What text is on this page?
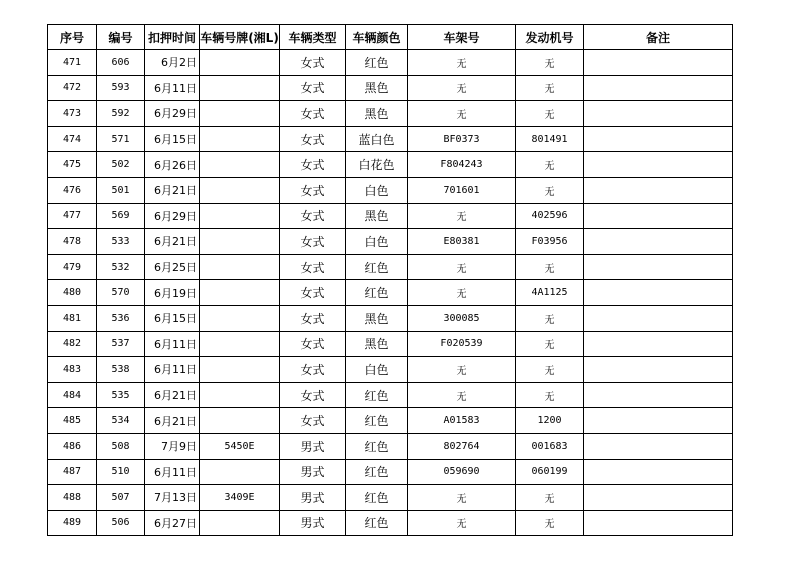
序号	编号	扣押时间	车辆号牌(湘L)	车辆类型	车辆颜色	车架号	发动机号	备注
471	606	6月2日		女式	红色	无	无	
472	593	6月11日		女式	黑色	无	无	
473	592	6月29日		女式	黑色	无	无	
474	571	6月15日		女式	蓝白色	BF0373	801491	
475	502	6月26日		女式	白花色	F804243	无	
476	501	6月21日		女式	白色	701601	无	
477	569	6月29日		女式	黑色	无	402596	
478	533	6月21日		女式	白色	E80381	F03956	
479	532	6月25日		女式	红色	无	无	
480	570	6月19日		女式	红色	无	4A1125	
481	536	6月15日		女式	黑色	300085	无	
482	537	6月11日		女式	黑色	F020539	无	
483	538	6月11日		女式	白色	无	无	
484	535	6月21日		女式	红色	无	无	
485	534	6月21日		女式	红色	A01583	1200	
486	508	7月9日	5450E	男式	红色	802764	001683	
487	510	6月11日		男式	红色	059690	060199	
488	507	7月13日	3409E	男式	红色	无	无	
489	506	6月27日		男式	红色	无	无	
